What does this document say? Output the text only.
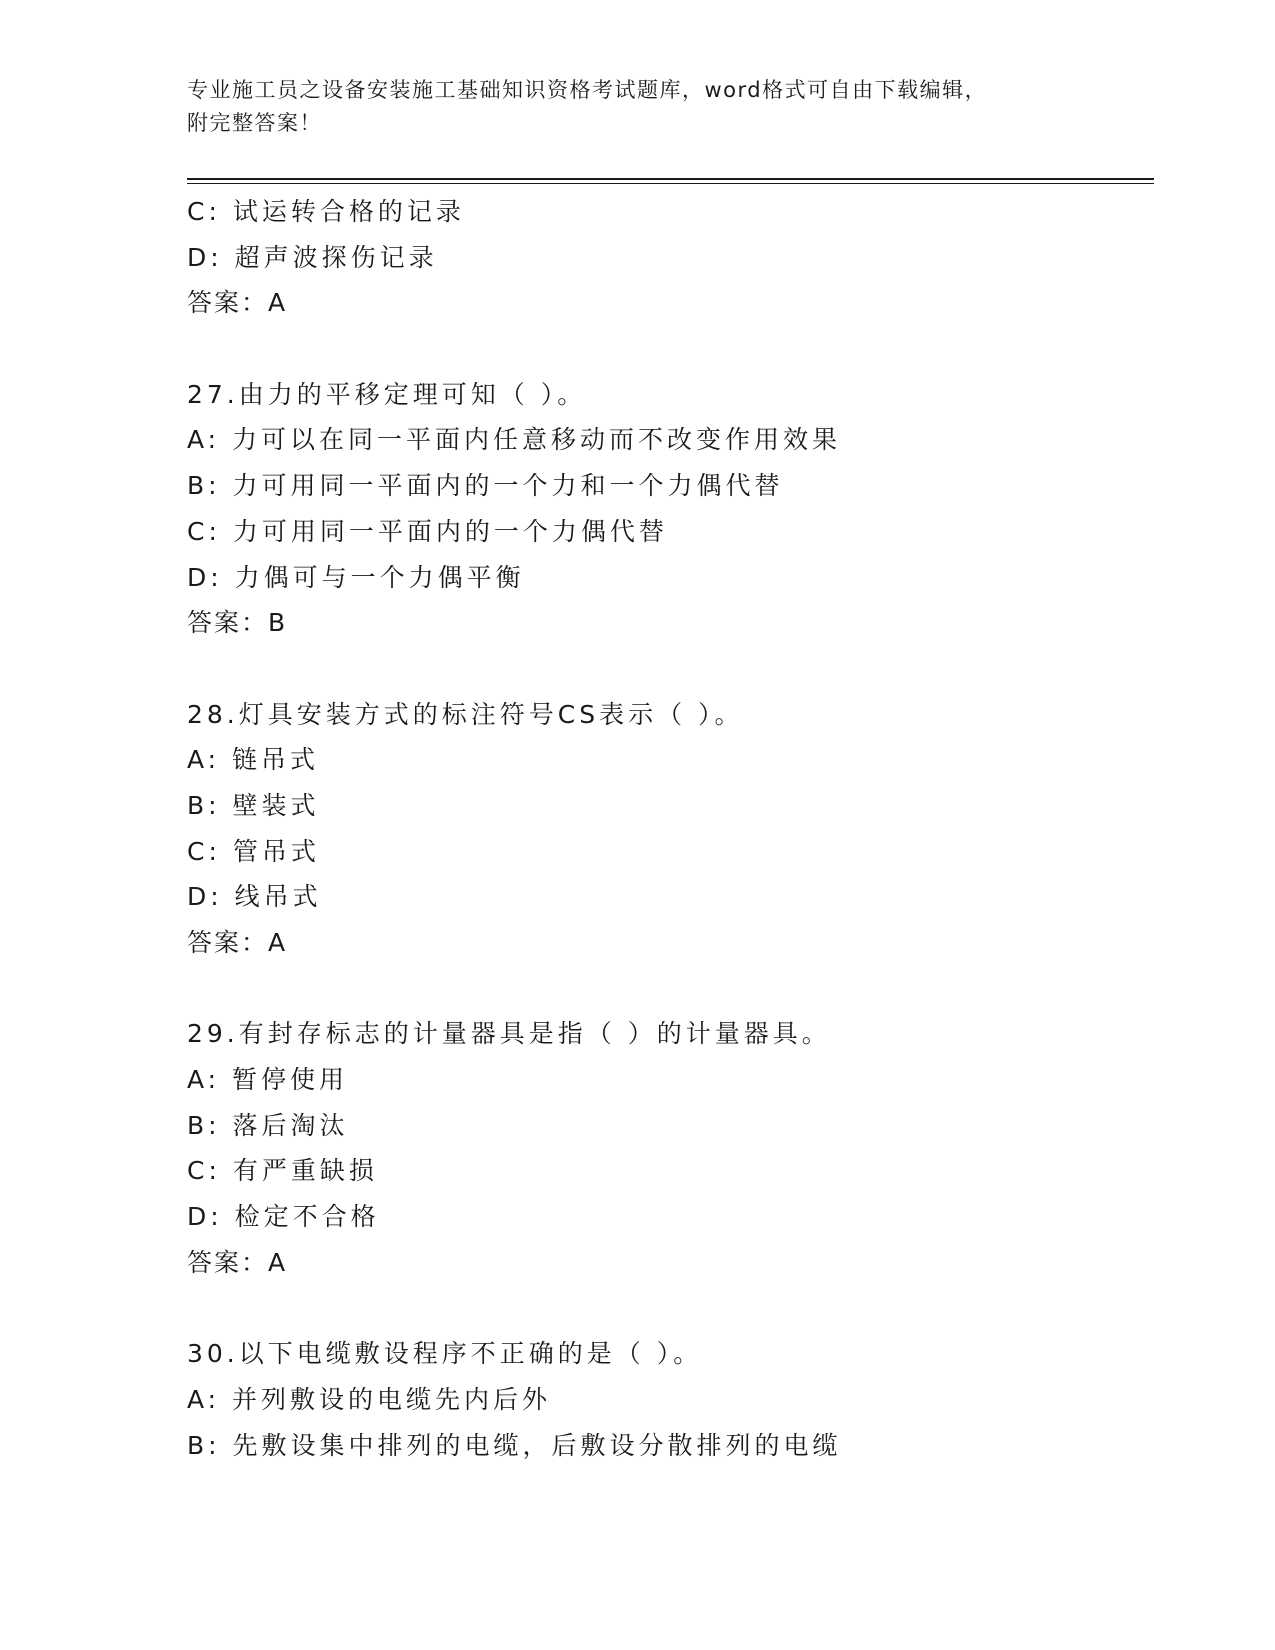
专业施工员之设备安装施工基础知识资格考试题库，word格式可自由下载编辑，
附完整答案！
C: 试运转合格的记录
D: 超声波探伤记录
答案：A
27.由力的平移定理可知（ ）。
A: 力可以在同一平面内任意移动而不改变作用效果
B: 力可用同一平面内的一个力和一个力偶代替
C: 力可用同一平面内的一个力偶代替
D: 力偶可与一个力偶平衡
答案：B
28.灯具安装方式的标注符号CS表示（ ）。
A: 链吊式
B: 壁装式
C: 管吊式
D: 线吊式
答案：A
29.有封存标志的计量器具是指（ ）的计量器具。
A: 暂停使用
B: 落后淘汰
C: 有严重缺损
D: 检定不合格
答案：A
30.以下电缆敷设程序不正确的是（ ）。
A: 并列敷设的电缆先内后外
B: 先敷设集中排列的电缆，后敷设分散排列的电缆
